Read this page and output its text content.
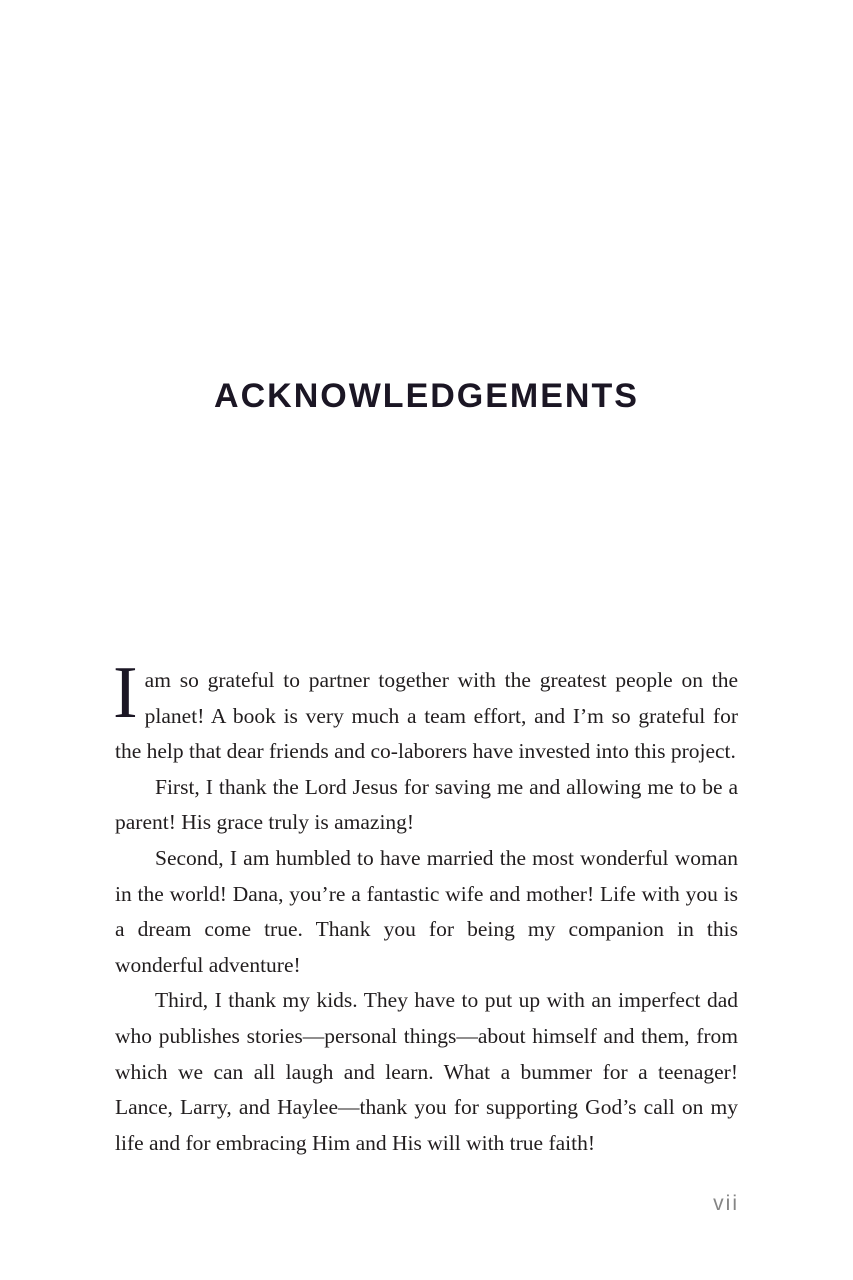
ACKNOWLEDGEMENTS

Iam so grateful to partner together with the greatest people on the planet! A book is very much a team effort, and I’m so grateful for the help that dear friends and co-laborers have invested into this project.

First, I thank the Lord Jesus for saving me and allowing me to be a parent! His grace truly is amazing!

Second, I am humbled to have married the most wonderful woman in the world! Dana, you’re a fantastic wife and mother! Life with you is a dream come true. Thank you for being my companion in this wonderful adventure!

Third, I thank my kids. They have to put up with an imperfect dad who publishes stories—personal things—about himself and them, from which we can all laugh and learn. What a bummer for a teenager! Lance, Larry, and Haylee—thank you for supporting God’s call on my life and for embracing Him and His will with true faith!

vii
